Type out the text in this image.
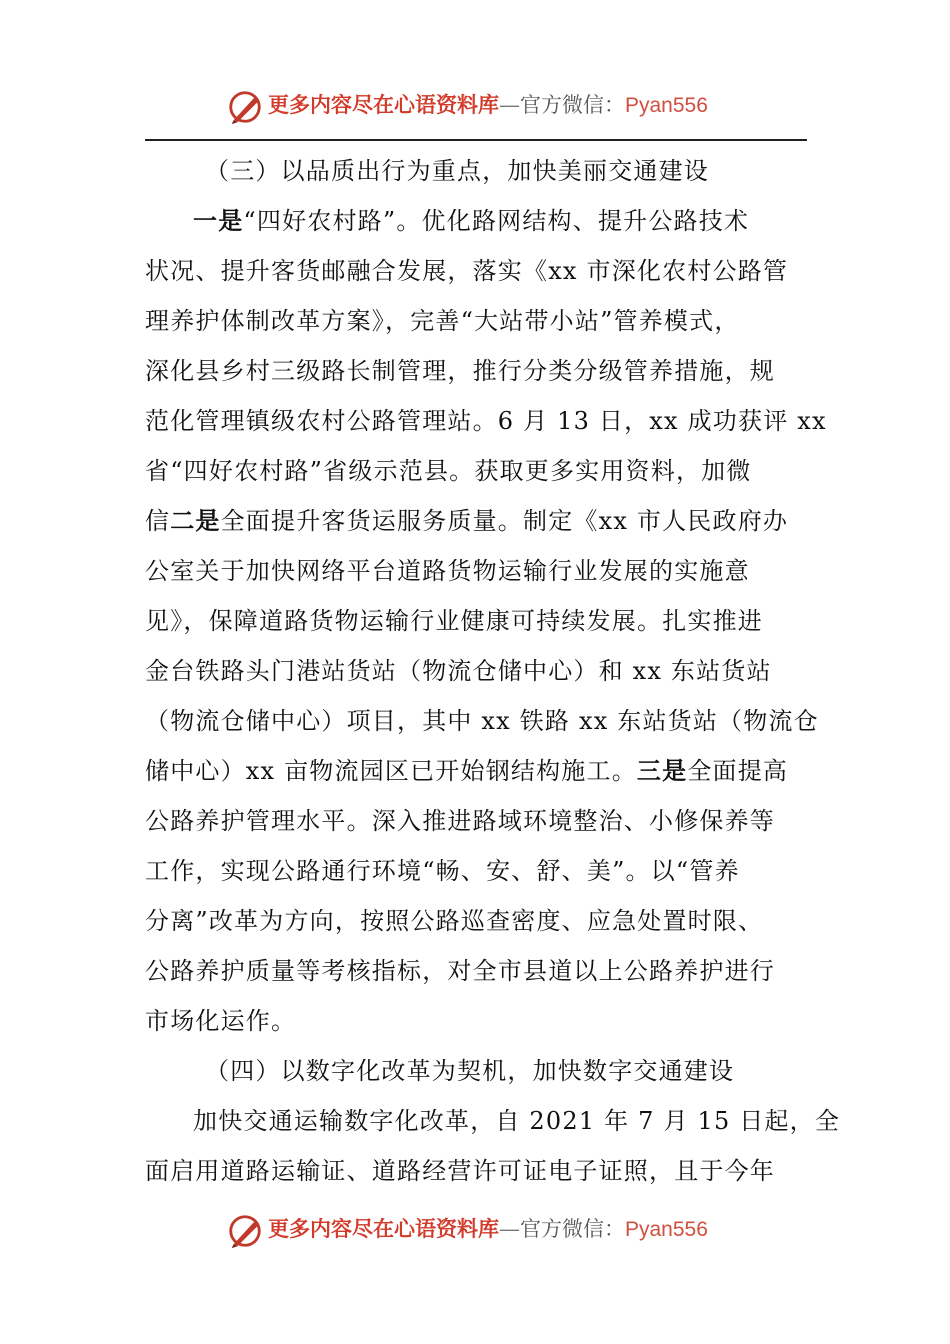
更多内容尽在心语资料库—官方微信：Pyan556
（三）以品质出行为重点，加快美丽交通建设
一是“四好农村路”。优化路网结构、提升公路技术
状况、提升客货邮融合发展，落实《xx 市深化农村公路管
理养护体制改革方案》，完善“大站带小站”管养模式，
深化县乡村三级路长制管理，推行分类分级管养措施，规
范化管理镇级农村公路管理站。6 月 13 日，xx 成功获评 xx
省“四好农村路”省级示范县。获取更多实用资料，加微
信二是全面提升客货运服务质量。制定《xx 市人民政府办
公室关于加快网络平台道路货物运输行业发展的实施意
见》，保障道路货物运输行业健康可持续发展。扎实推进
金台铁路头门港站货站（物流仓储中心）和 xx 东站货站
（物流仓储中心）项目，其中 xx 铁路 xx 东站货站（物流仓
储中心）xx 亩物流园区已开始钢结构施工。三是全面提高
公路养护管理水平。深入推进路域环境整治、小修保养等
工作，实现公路通行环境“畅、安、舒、美”。以“管养
分离”改革为方向，按照公路巡查密度、应急处置时限、
公路养护质量等考核指标，对全市县道以上公路养护进行
市场化运作。
（四）以数字化改革为契机，加快数字交通建设
加快交通运输数字化改革，自 2021 年 7 月 15 日起，全
面启用道路运输证、道路经营许可证电子证照，且于今年
更多内容尽在心语资料库—官方微信：Pyan556
